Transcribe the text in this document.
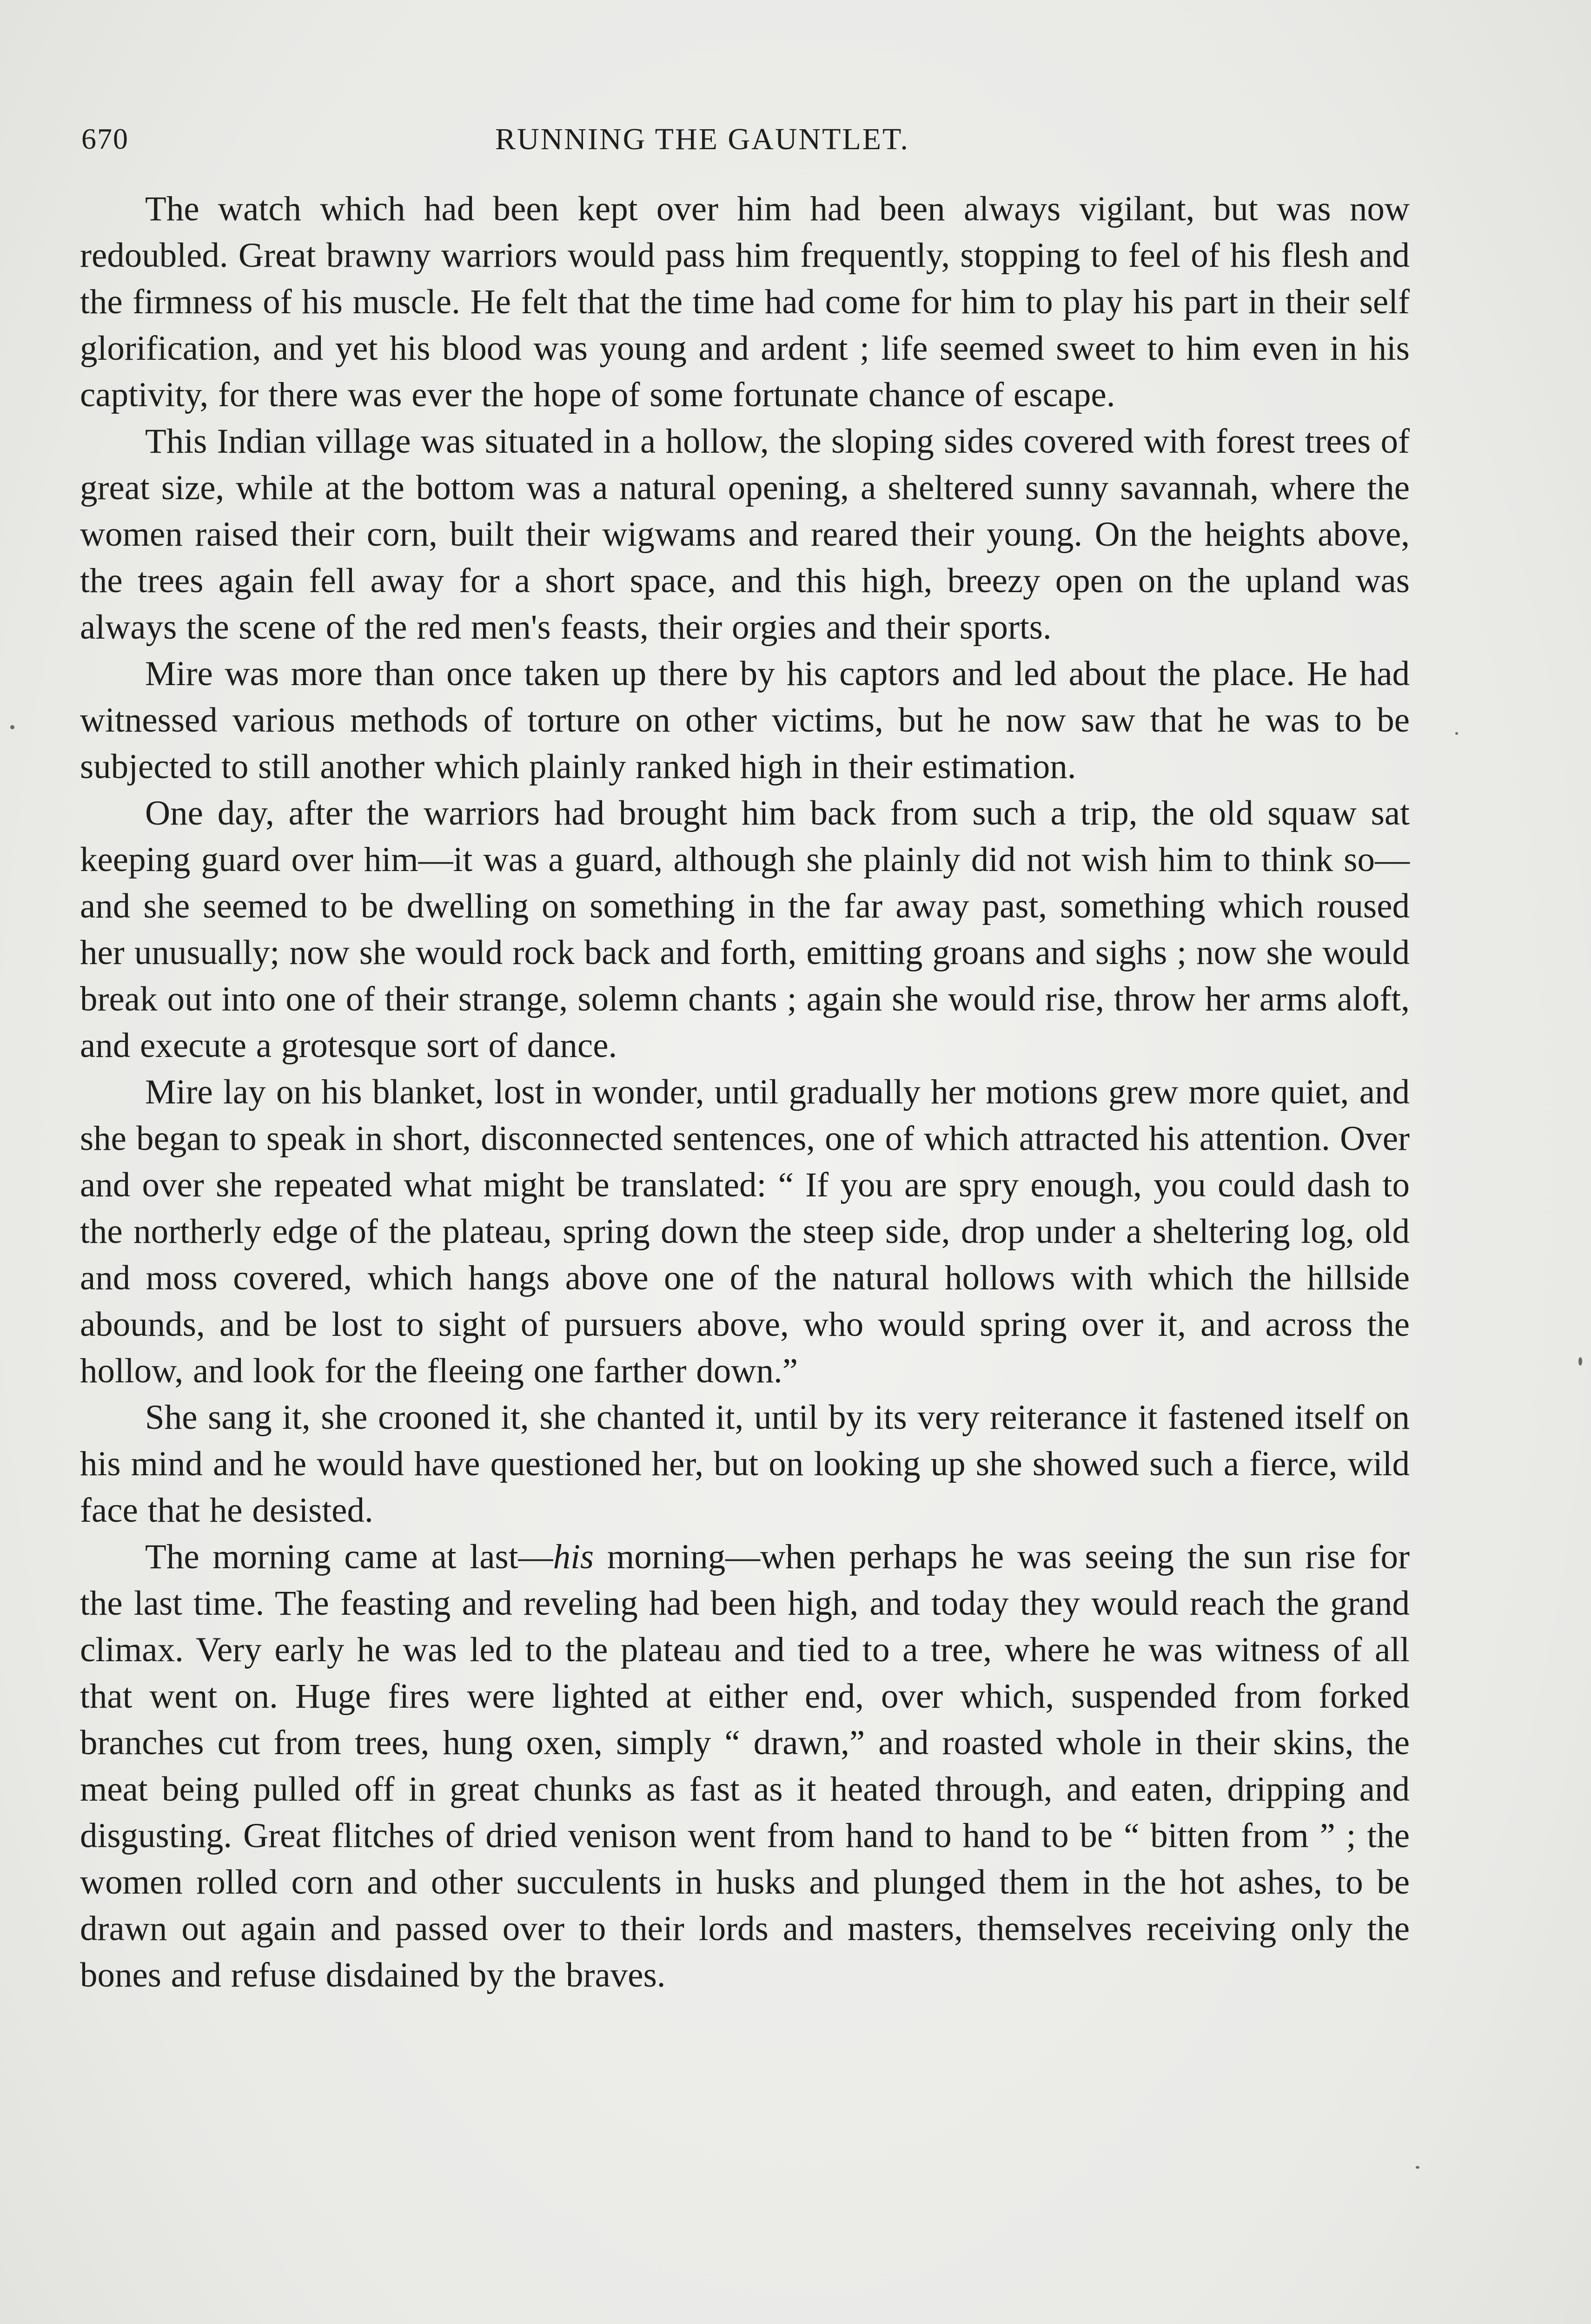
670	RUNNING THE GAUNTLET.

The watch which had been kept over him had been always vigilant, but was now redoubled. Great brawny warriors would pass him frequently, stopping to feel of his flesh and the firmness of his muscle. He felt that the time had come for him to play his part in their self glorification, and yet his blood was young and ardent ; life seemed sweet to him even in his captivity, for there was ever the hope of some fortunate chance of escape.

This Indian village was situated in a hollow, the sloping sides covered with forest trees of great size, while at the bottom was a natural opening, a sheltered sunny savannah, where the women raised their corn, built their wigwams and reared their young. On the heights above, the trees again fell away for a short space, and this high, breezy open on the upland was always the scene of the red men's feasts, their orgies and their sports.

Mire was more than once taken up there by his captors and led about the place. He had witnessed various methods of torture on other victims, but he now saw that he was to be subjected to still another which plainly ranked high in their estimation.

One day, after the warriors had brought him back from such a trip, the old squaw sat keeping guard over him—it was a guard, although she plainly did not wish him to think so—and she seemed to be dwelling on something in the far away past, something which roused her unusually; now she would rock back and forth, emitting groans and sighs ; now she would break out into one of their strange, solemn chants ; again she would rise, throw her arms aloft, and execute a grotesque sort of dance.

Mire lay on his blanket, lost in wonder, until gradually her motions grew more quiet, and she began to speak in short, disconnected sentences, one of which attracted his attention. Over and over she repeated what might be translated: “ If you are spry enough, you could dash to the northerly edge of the plateau, spring down the steep side, drop under a sheltering log, old and moss covered, which hangs above one of the natural hollows with which the hillside abounds, and be lost to sight of pursuers above, who would spring over it, and across the hollow, and look for the fleeing one farther down.”

She sang it, she crooned it, she chanted it, until by its very reiterance it fastened itself on his mind and he would have questioned her, but on looking up she showed such a fierce, wild face that he desisted.

The morning came at last—his morning—when perhaps he was seeing the sun rise for the last time. The feasting and reveling had been high, and today they would reach the grand climax. Very early he was led to the plateau and tied to a tree, where he was witness of all that went on. Huge fires were lighted at either end, over which, suspended from forked branches cut from trees, hung oxen, simply “ drawn,” and roasted whole in their skins, the meat being pulled off in great chunks as fast as it heated through, and eaten, dripping and disgusting. Great flitches of dried venison went from hand to hand to be “ bitten from ” ; the women rolled corn and other succulents in husks and plunged them in the hot ashes, to be drawn out again and passed over to their lords and masters, themselves receiving only the bones and refuse disdained by the braves.
